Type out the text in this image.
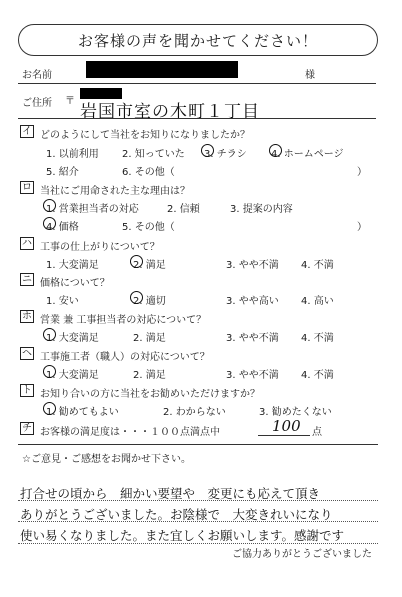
お客様の声を聞かせてください！
お名前	様
ご住所 〒
岩国市室の木町１丁目
イ どのようにして当社をお知りになりましたか？
1. 以前利用 2. 知っていた 3. チラシ 4. ホームページ
5. 紹介	6. その他（	）
ロ 当社にご用命された主な理由は？
1. 営業担当者の対応	2. 信頼	3. 提案の内容
4. 価格	5. その他（	）
ハ 工事の仕上がりについて？
1. 大変満足	2. 満足	3. やや不満 4. 不満
ニ 価格について？
1. 安い	2. 適切	3. やや高い 4. 高い
ホ 営業 兼 工事担当者の対応について？
1. 大変満足	2. 満足	3. やや不満 4. 不満
ヘ 工事施工者（職人）の対応について？
1. 大変満足	2. 満足	3. やや不満 4. 不満
ト お知り合いの方に当社をお勧めいただけますか？
1. 勧めてもよい	2. わからない	3. 勧めたくない
チ お客様の満足度は・・・１００点満点中	100 点
☆ご意見・ご感想をお聞かせ下さい。
打合せの頃から　細かい要望や　変更にも応えて頂き
ありがとうございました。お陰様で　大変きれいになり
使い易くなりました。また宜しくお願いします。感謝です
ご協力ありがとうございました
